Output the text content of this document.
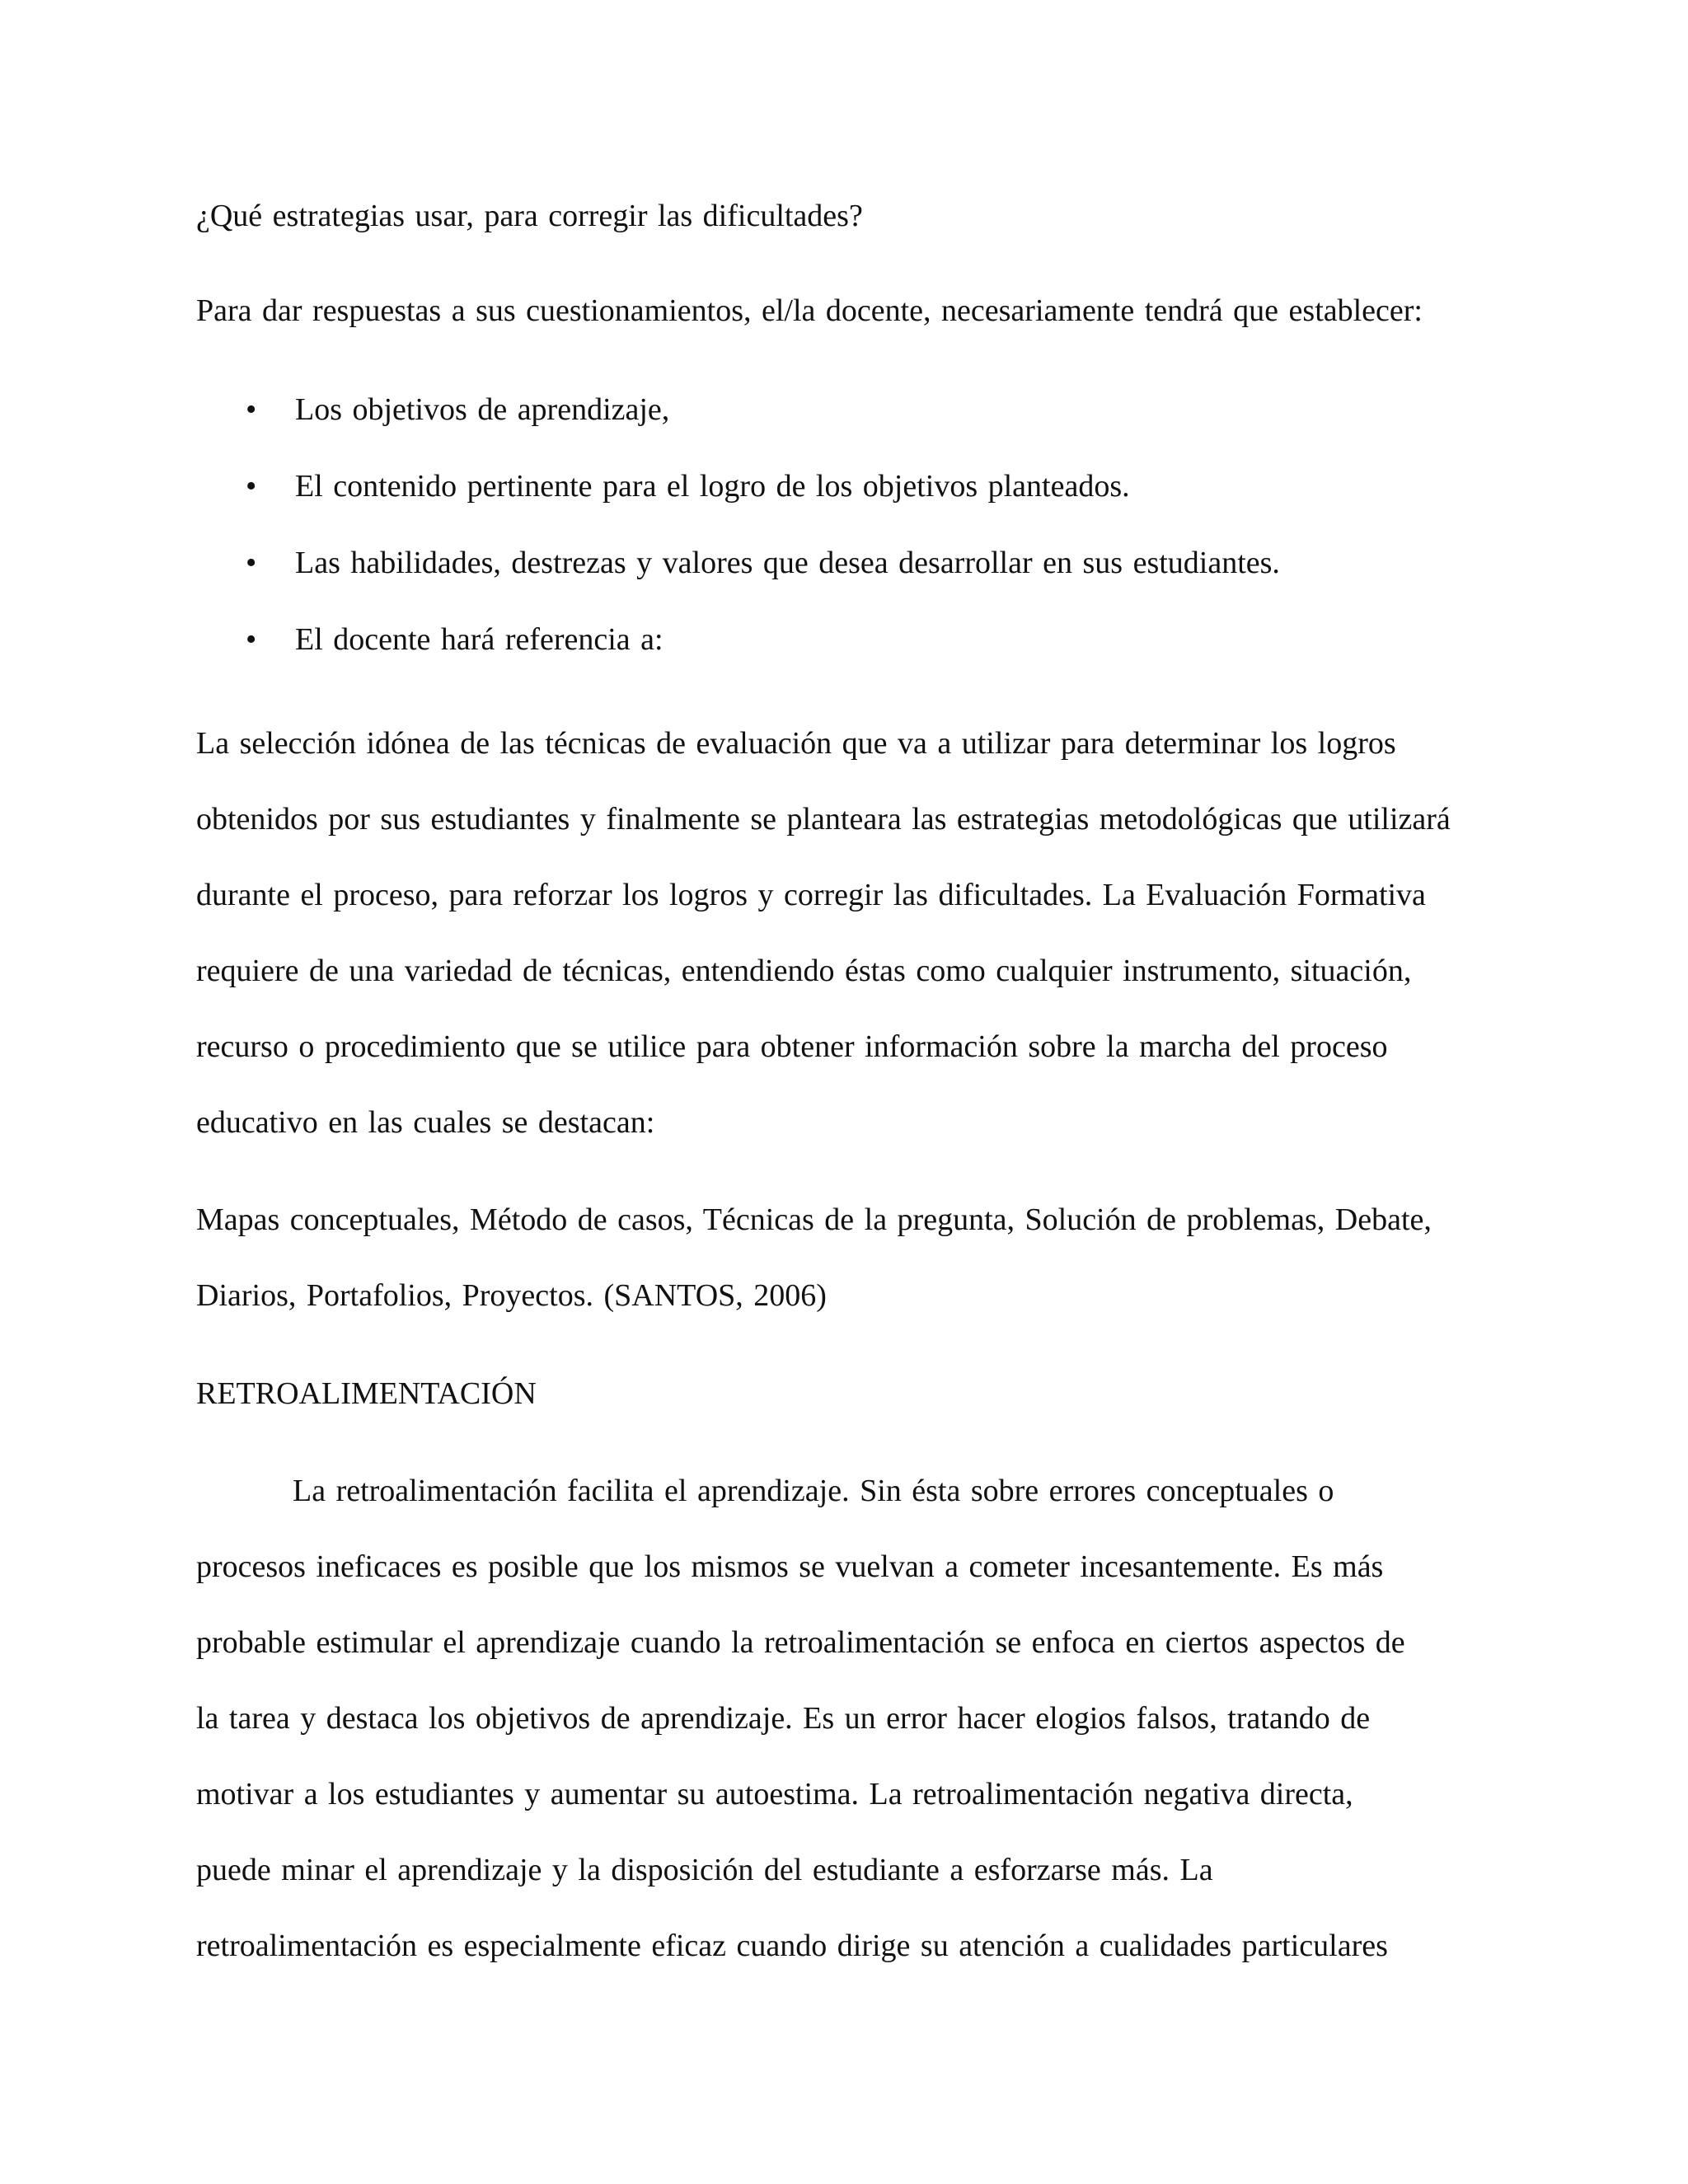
¿Qué estrategias usar, para corregir las dificultades?
Para dar respuestas a sus cuestionamientos, el/la docente, necesariamente tendrá que establecer:
• Los objetivos de aprendizaje,
• El contenido pertinente para el logro de los objetivos planteados.
• Las habilidades, destrezas y valores que desea desarrollar en sus estudiantes.
• El docente hará referencia a:
La selección idónea de las técnicas de evaluación que va a utilizar para determinar los logros
obtenidos por sus estudiantes y finalmente se planteara las estrategias metodológicas que utilizará
durante el proceso, para reforzar los logros y corregir las dificultades. La Evaluación Formativa
requiere de una variedad de técnicas, entendiendo éstas como cualquier instrumento, situación,
recurso o procedimiento que se utilice para obtener información sobre la marcha del proceso
educativo en las cuales se destacan:
Mapas conceptuales, Método de casos, Técnicas de la pregunta, Solución de problemas, Debate,
Diarios, Portafolios, Proyectos. (SANTOS, 2006)
RETROALIMENTACIÓN
La retroalimentación facilita el aprendizaje. Sin ésta sobre errores conceptuales o
procesos ineficaces es posible que los mismos se vuelvan a cometer incesantemente. Es más
probable estimular el aprendizaje cuando la retroalimentación se enfoca en ciertos aspectos de
la tarea y destaca los objetivos de aprendizaje. Es un error hacer elogios falsos, tratando de
motivar a los estudiantes y aumentar su autoestima. La retroalimentación negativa directa,
puede minar el aprendizaje y la disposición del estudiante a esforzarse más. La
retroalimentación es especialmente eficaz cuando dirige su atención a cualidades particulares
